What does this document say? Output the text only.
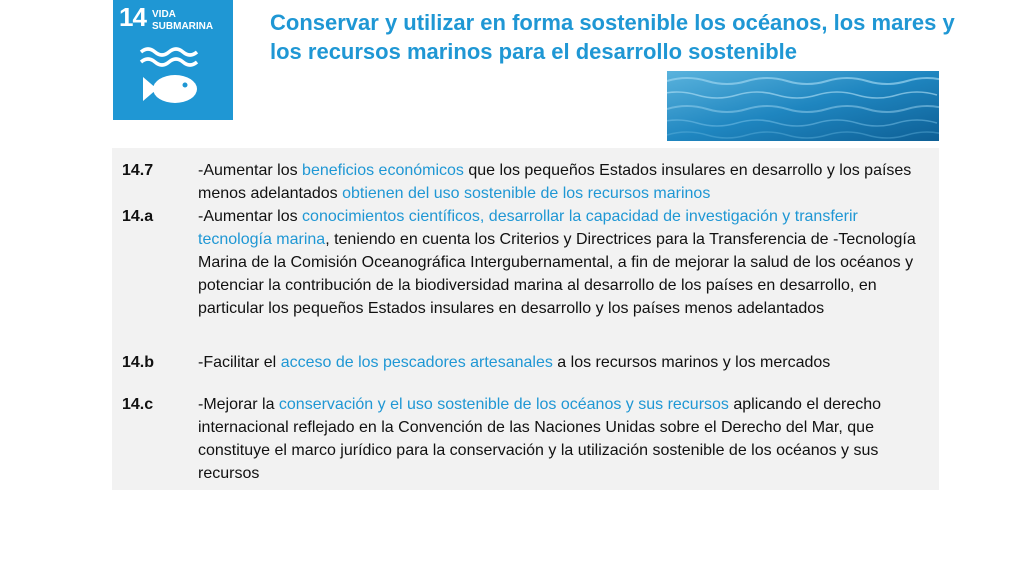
14 VIDA
SUBMARINA	Conservar y utilizar en forma sostenible los océanos, los mares y los recursos marinos para el desarrollo sostenible
14.7	-Aumentar los beneficios económicos que los pequeños Estados insulares en desarrollo y los países menos adelantados obtienen del uso sostenible de los recursos marinos
14.a	-Aumentar los conocimientos científicos, desarrollar la capacidad de investigación y transferir tecnología marina, teniendo en cuenta los Criterios y Directrices para la Transferencia de -Tecnología Marina de la Comisión Oceanográfica Intergubernamental, a fin de mejorar la salud de los océanos y potenciar la contribución de la biodiversidad marina al desarrollo de los países en desarrollo, en particular los pequeños Estados insulares en desarrollo y los países menos adelantados
14.b	-Facilitar el acceso de los pescadores artesanales a los recursos marinos y los mercados
14.c	-Mejorar la conservación y el uso sostenible de los océanos y sus recursos aplicando el derecho internacional reflejado en la Convención de las Naciones Unidas sobre el Derecho del Mar, que constituye el marco jurídico para la conservación y la utilización sostenible de los océanos y sus recursos
